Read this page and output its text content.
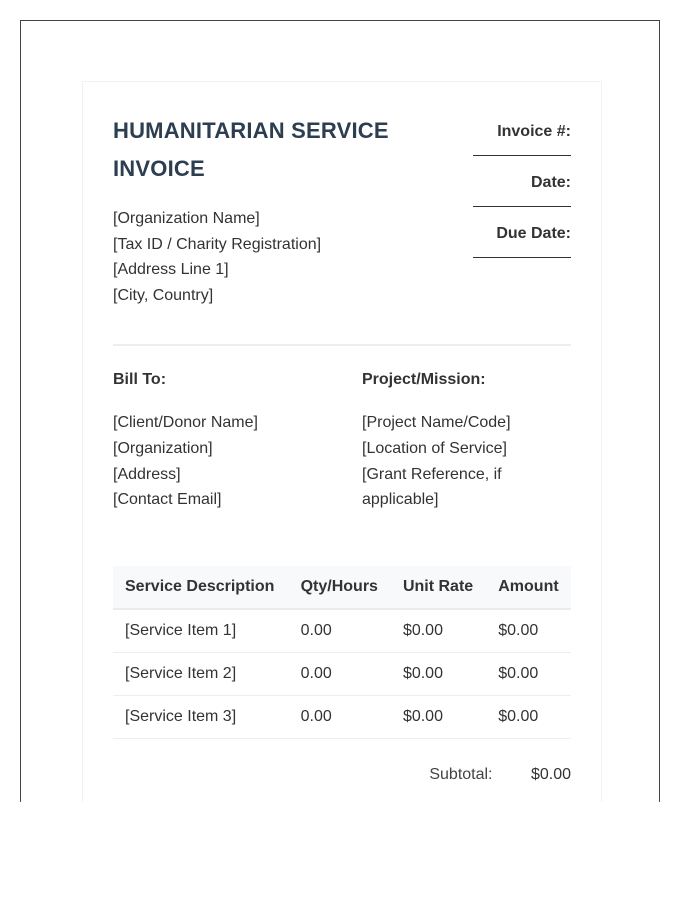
HUMANITARIAN SERVICE INVOICE
[Organization Name]
[Tax ID / Charity Registration]
[Address Line 1]
[City, Country]
Invoice #:
Date:
Due Date:
Bill To:
[Client/Donor Name]
[Organization]
[Address]
[Contact Email]
Project/Mission:
[Project Name/Code]
[Location of Service]
[Grant Reference, if applicable]
Service Description	Qty/Hours	Unit Rate	Amount
[Service Item 1]	0.00	$0.00	$0.00
[Service Item 2]	0.00	$0.00	$0.00
[Service Item 3]	0.00	$0.00	$0.00
Subtotal: $0.00
